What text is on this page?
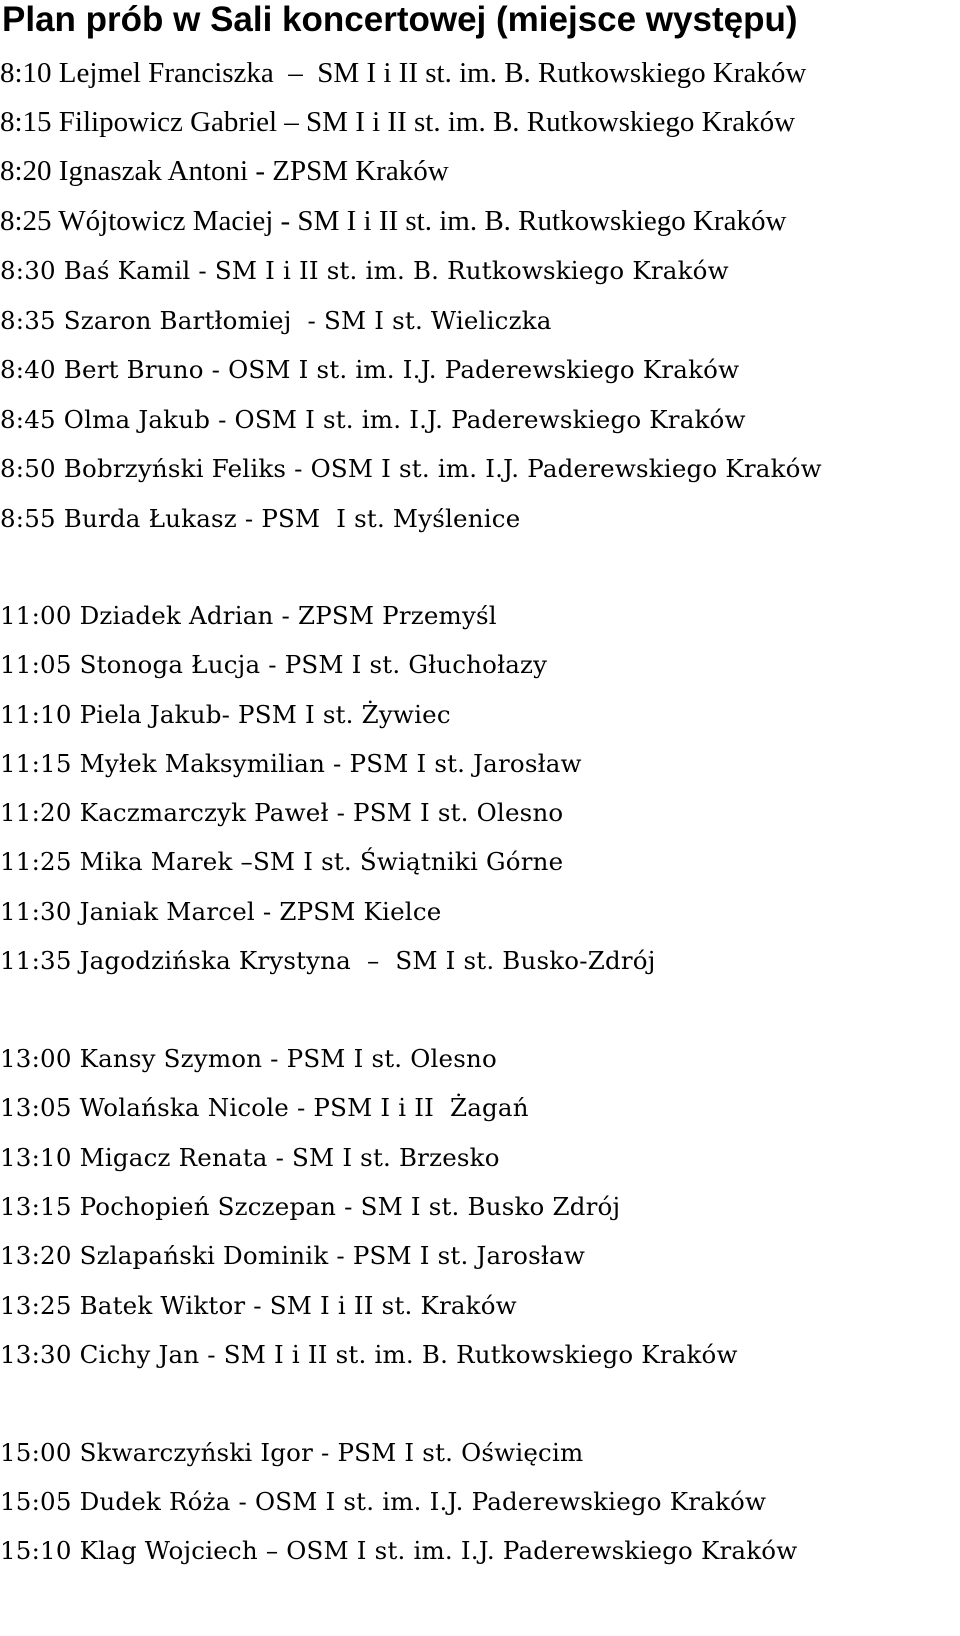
Plan prób w Sali koncertowej (miejsce występu)
8:10 Lejmel Franciszka  –  SM I i II st. im. B. Rutkowskiego Kraków
8:15 Filipowicz Gabriel – SM I i II st. im. B. Rutkowskiego Kraków
8:20 Ignaszak Antoni - ZPSM Kraków
8:25 Wójtowicz Maciej - SM I i II st. im. B. Rutkowskiego Kraków
8:30 Baś Kamil - SM I i II st. im. B. Rutkowskiego Kraków
8:35 Szaron Bartłomiej  - SM I st. Wieliczka
8:40 Bert Bruno - OSM I st. im. I.J. Paderewskiego Kraków
8:45 Olma Jakub - OSM I st. im. I.J. Paderewskiego Kraków
8:50 Bobrzyński Feliks - OSM I st. im. I.J. Paderewskiego Kraków
8:55 Burda Łukasz - PSM  I st. Myślenice
11:00 Dziadek Adrian - ZPSM Przemyśl
11:05 Stonoga Łucja - PSM I st. Głuchołazy
11:10 Piela Jakub- PSM I st. Żywiec
11:15 Myłek Maksymilian - PSM I st. Jarosław
11:20 Kaczmarczyk Paweł - PSM I st. Olesno
11:25 Mika Marek –SM I st. Świątniki Górne
11:30 Janiak Marcel - ZPSM Kielce
11:35 Jagodzińska Krystyna  –  SM I st. Busko-Zdrój
13:00 Kansy Szymon - PSM I st. Olesno
13:05 Wolańska Nicole - PSM I i II  Żagań
13:10 Migacz Renata - SM I st. Brzesko
13:15 Pochopień Szczepan - SM I st. Busko Zdrój
13:20 Szlapański Dominik - PSM I st. Jarosław
13:25 Batek Wiktor - SM I i II st. Kraków
13:30 Cichy Jan - SM I i II st. im. B. Rutkowskiego Kraków
15:00 Skwarczyński Igor - PSM I st. Oświęcim
15:05 Dudek Róża - OSM I st. im. I.J. Paderewskiego Kraków
15:10 Klag Wojciech – OSM I st. im. I.J. Paderewskiego Kraków
